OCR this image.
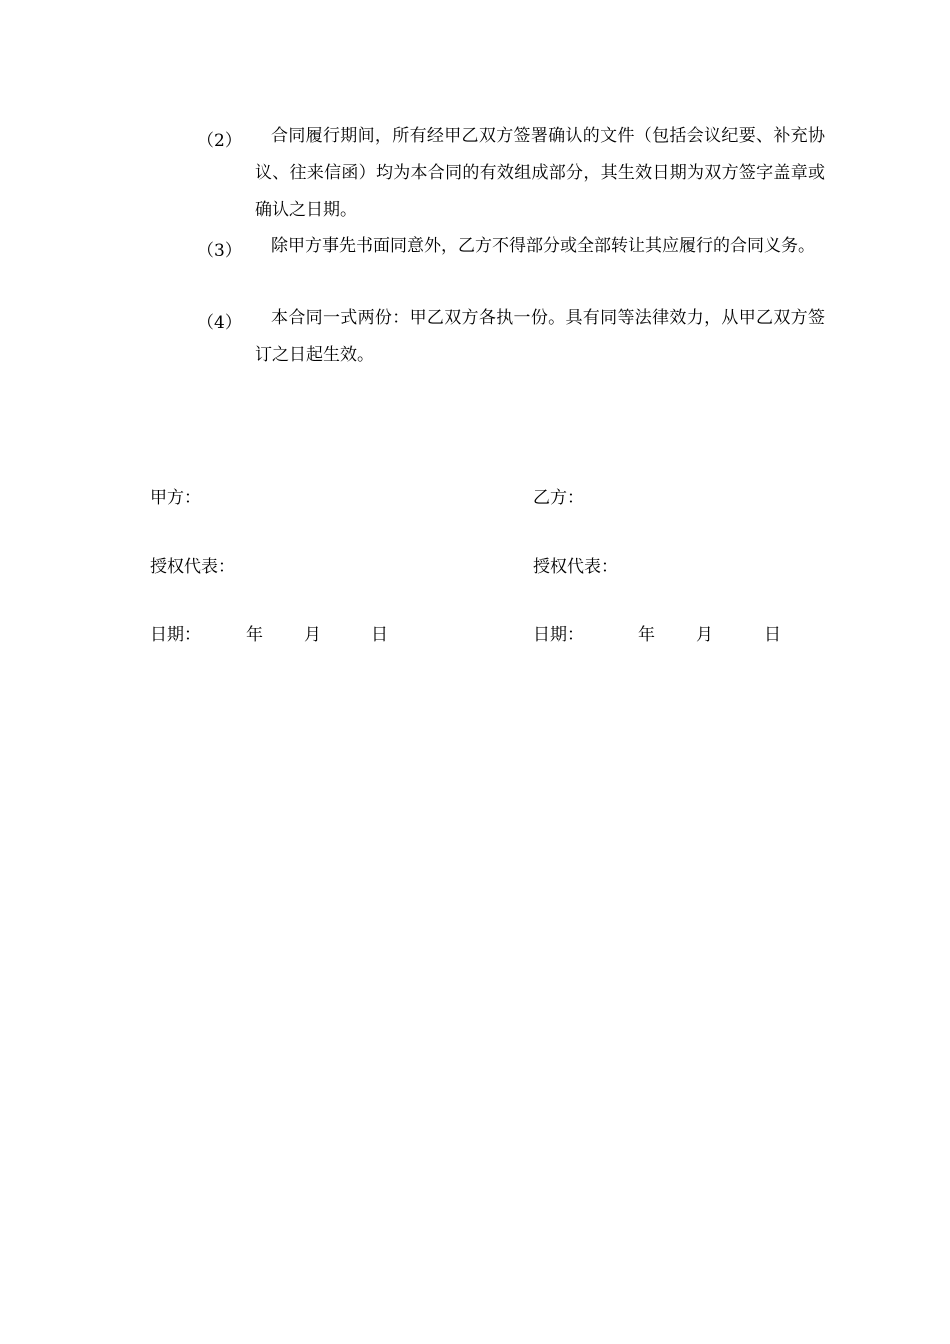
（2）	合同履行期间，所有经甲乙双方签署确认的文件（包括会议纪要、补充协议、往来信函）均为本合同的有效组成部分，其生效日期为双方签字盖章或确认之日期。
（3）	除甲方事先书面同意外，乙方不得部分或全部转让其应履行的合同义务。
（4）	本合同一式两份：甲乙双方各执一份。具有同等法律效力，从甲乙双方签订之日起生效。
甲方：
授权代表：
日期：	年 月	日
乙方：
授权代表：
日期：	年 月	日
